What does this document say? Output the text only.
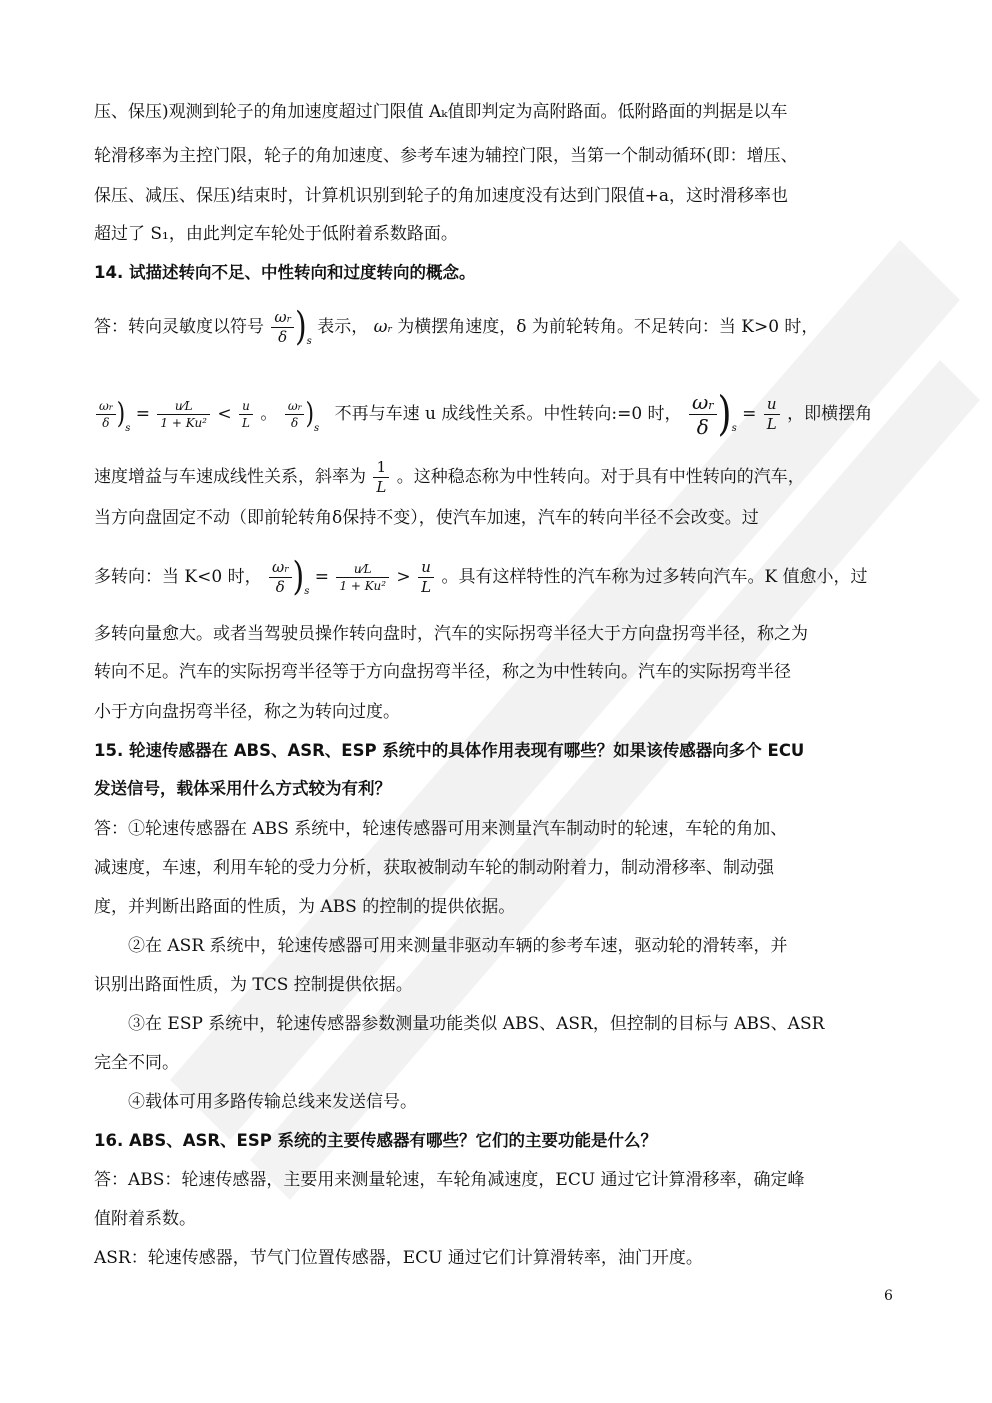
压、保压)观测到轮子的角加速度超过门限值 Aₖ值即判定为高附路面。低附路面的判据是以车
轮滑移率为主控门限，轮子的角加速度、参考车速为辅控门限，当第一个制动循环(即：增压、
保压、减压、保压)结束时，计算机识别到轮子的角加速度没有达到门限值+a，这时滑移率也
超过了 S₁，由此判定车轮处于低附着系数路面。
14. 试描述转向不足、中性转向和过度转向的概念。
答：转向灵敏度以符号 $\frac{\omega r}{\delta} )_s$ 表示， ωr 为横摆角速度，δ 为前轮转角。不足转向：当 K>0 时，
$\frac{\omega r}{\delta} )_s = \frac{u⁄L}{\text{1 + Ku²}} < \frac{u}{L}$ 。 $\frac{\omega r}{\delta} )_s$ 不再与车速 u 成线性关系。中性转向:=0 时， $\frac{\omega r}{\delta} )_s = \frac{u}{L}$ ，即横摆角
速度增益与车速成线性关系，斜率为 $\frac{1}{L}$ 。这种稳态称为中性转向。对于具有中性转向的汽车，
当方向盘固定不动（即前轮转角δ保持不变），使汽车加速，汽车的转向半径不会改变。过
多转向：当 K<0 时， $\frac{\omega r}{\delta} )_s = \frac{u⁄L}{\text{1 + Ku²}} > \frac{u}{L}$ 。具有这样特性的汽车称为过多转向汽车。K 值愈小，过
多转向量愈大。或者当驾驶员操作转向盘时，汽车的实际拐弯半径大于方向盘拐弯半径，称之为
转向不足。汽车的实际拐弯半径等于方向盘拐弯半径，称之为中性转向。汽车的实际拐弯半径
小于方向盘拐弯半径，称之为转向过度。
15. 轮速传感器在 ABS、ASR、ESP 系统中的具体作用表现有哪些？如果该传感器向多个 ECU
发送信号，载体采用什么方式较为有利？
答：①轮速传感器在 ABS 系统中，轮速传感器可用来测量汽车制动时的轮速，车轮的角加、
减速度，车速，利用车轮的受力分析，获取被制动车轮的制动附着力，制动滑移率、制动强
度，并判断出路面的性质，为 ABS 的控制的提供依据。
②在 ASR 系统中，轮速传感器可用来测量非驱动车辆的参考车速，驱动轮的滑转率，并
识别出路面性质，为 TCS 控制提供依据。
③在 ESP 系统中，轮速传感器参数测量功能类似 ABS、ASR，但控制的目标与 ABS、ASR
完全不同。
④载体可用多路传输总线来发送信号。
16. ABS、ASR、ESP 系统的主要传感器有哪些？它们的主要功能是什么？
答：ABS：轮速传感器，主要用来测量轮速，车轮角减速度，ECU 通过它计算滑移率，确定峰
值附着系数。
ASR：轮速传感器，节气门位置传感器，ECU 通过它们计算滑转率，油门开度。
6
